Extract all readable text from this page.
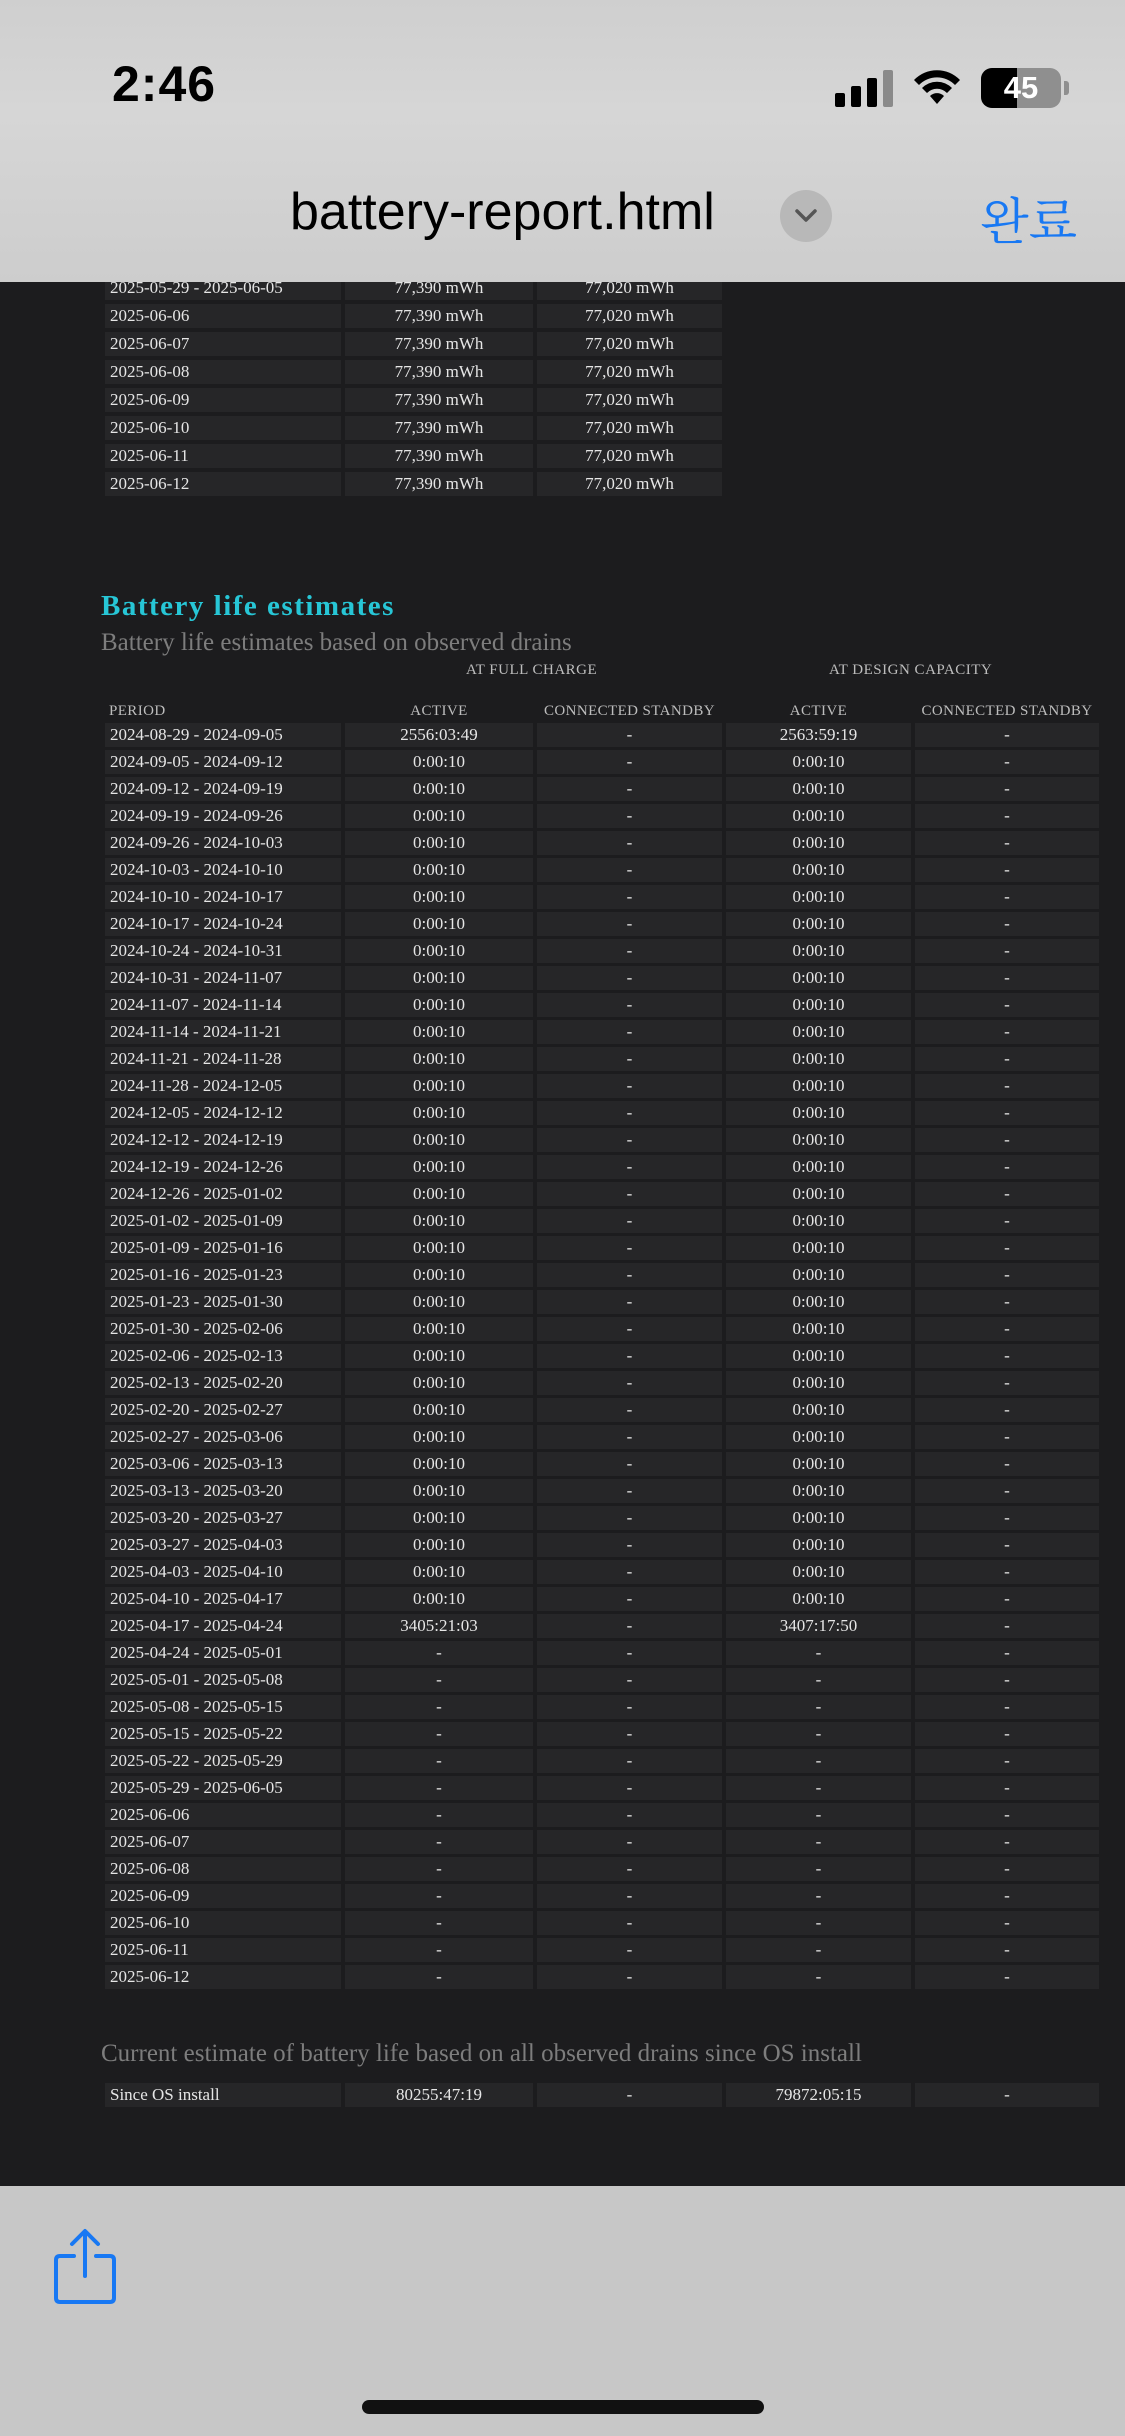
2:46	45
battery-report.html	완료
2025-05-29 - 2025-06-05	77,390 mWh	77,020 mWh
2025-06-06	77,390 mWh	77,020 mWh
2025-06-07	77,390 mWh	77,020 mWh
2025-06-08	77,390 mWh	77,020 mWh
2025-06-09	77,390 mWh	77,020 mWh
2025-06-10	77,390 mWh	77,020 mWh
2025-06-11	77,390 mWh	77,020 mWh
2025-06-12	77,390 mWh	77,020 mWh
Battery life estimates
Battery life estimates based on observed drains
AT FULL CHARGE	AT DESIGN CAPACITY
PERIOD	ACTIVE	CONNECTED STANDBY	ACTIVE	CONNECTED STANDBY
2024-08-29 - 2024-09-05	2556:03:49	-	2563:59:19	-
2024-09-05 - 2024-09-12	0:00:10	-	0:00:10	-
2024-09-12 - 2024-09-19	0:00:10	-	0:00:10	-
2024-09-19 - 2024-09-26	0:00:10	-	0:00:10	-
2024-09-26 - 2024-10-03	0:00:10	-	0:00:10	-
2024-10-03 - 2024-10-10	0:00:10	-	0:00:10	-
2024-10-10 - 2024-10-17	0:00:10	-	0:00:10	-
2024-10-17 - 2024-10-24	0:00:10	-	0:00:10	-
2024-10-24 - 2024-10-31	0:00:10	-	0:00:10	-
2024-10-31 - 2024-11-07	0:00:10	-	0:00:10	-
2024-11-07 - 2024-11-14	0:00:10	-	0:00:10	-
2024-11-14 - 2024-11-21	0:00:10	-	0:00:10	-
2024-11-21 - 2024-11-28	0:00:10	-	0:00:10	-
2024-11-28 - 2024-12-05	0:00:10	-	0:00:10	-
2024-12-05 - 2024-12-12	0:00:10	-	0:00:10	-
2024-12-12 - 2024-12-19	0:00:10	-	0:00:10	-
2024-12-19 - 2024-12-26	0:00:10	-	0:00:10	-
2024-12-26 - 2025-01-02	0:00:10	-	0:00:10	-
2025-01-02 - 2025-01-09	0:00:10	-	0:00:10	-
2025-01-09 - 2025-01-16	0:00:10	-	0:00:10	-
2025-01-16 - 2025-01-23	0:00:10	-	0:00:10	-
2025-01-23 - 2025-01-30	0:00:10	-	0:00:10	-
2025-01-30 - 2025-02-06	0:00:10	-	0:00:10	-
2025-02-06 - 2025-02-13	0:00:10	-	0:00:10	-
2025-02-13 - 2025-02-20	0:00:10	-	0:00:10	-
2025-02-20 - 2025-02-27	0:00:10	-	0:00:10	-
2025-02-27 - 2025-03-06	0:00:10	-	0:00:10	-
2025-03-06 - 2025-03-13	0:00:10	-	0:00:10	-
2025-03-13 - 2025-03-20	0:00:10	-	0:00:10	-
2025-03-20 - 2025-03-27	0:00:10	-	0:00:10	-
2025-03-27 - 2025-04-03	0:00:10	-	0:00:10	-
2025-04-03 - 2025-04-10	0:00:10	-	0:00:10	-
2025-04-10 - 2025-04-17	0:00:10	-	0:00:10	-
2025-04-17 - 2025-04-24	3405:21:03	-	3407:17:50	-
2025-04-24 - 2025-05-01	-	-	-	-
2025-05-01 - 2025-05-08	-	-	-	-
2025-05-08 - 2025-05-15	-	-	-	-
2025-05-15 - 2025-05-22	-	-	-	-
2025-05-22 - 2025-05-29	-	-	-	-
2025-05-29 - 2025-06-05	-	-	-	-
2025-06-06	-	-	-	-
2025-06-07	-	-	-	-
2025-06-08	-	-	-	-
2025-06-09	-	-	-	-
2025-06-10	-	-	-	-
2025-06-11	-	-	-	-
2025-06-12	-	-	-	-
Current estimate of battery life based on all observed drains since OS install
Since OS install	80255:47:19	-	79872:05:15	-
